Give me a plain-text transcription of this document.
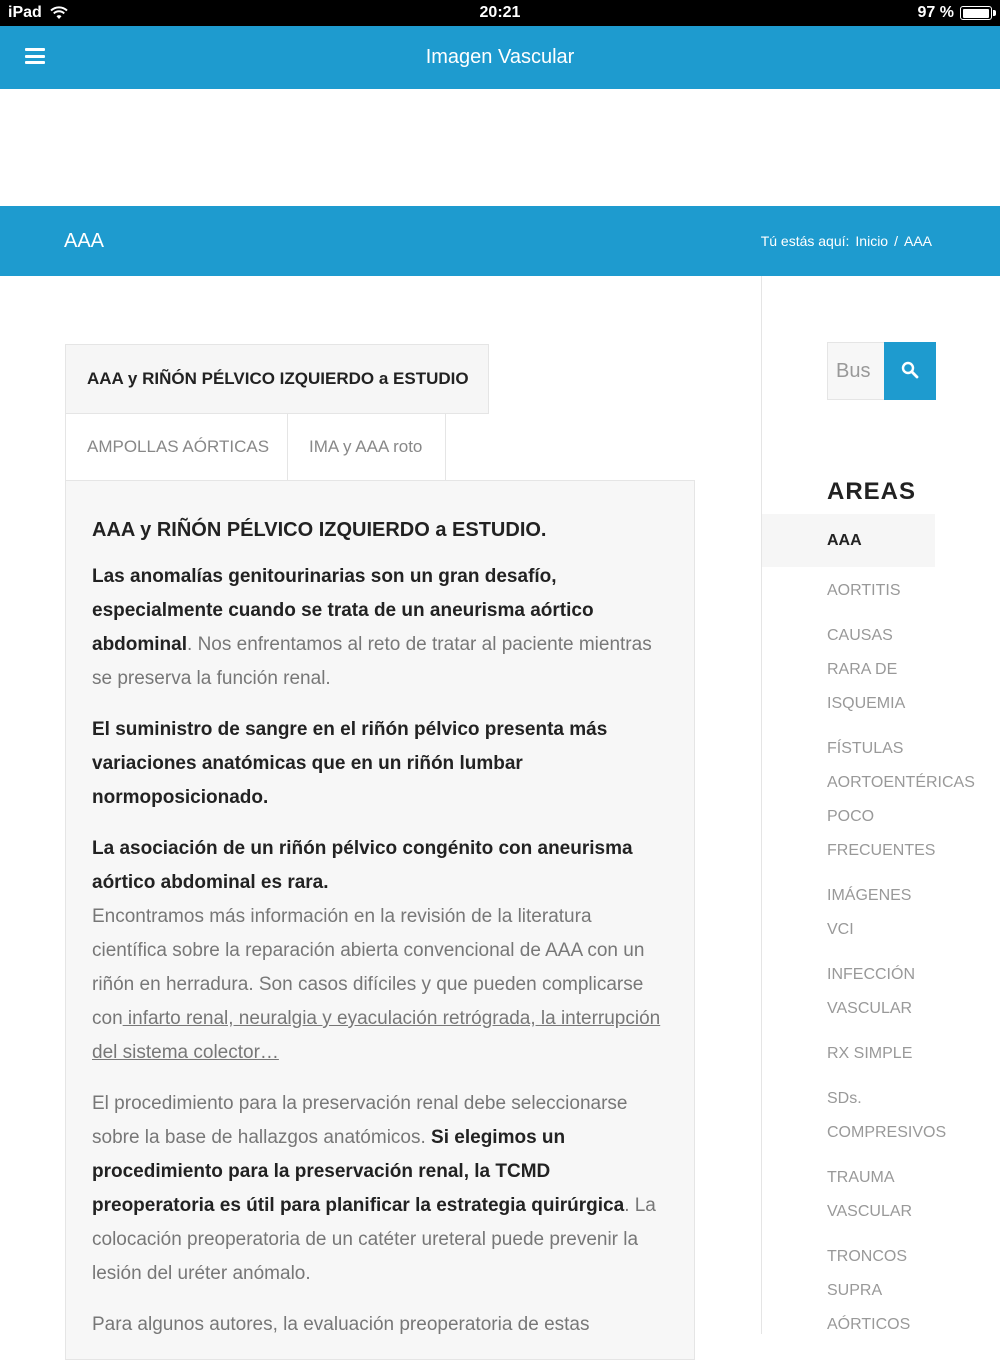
iPad	20:21	97 %
Imagen Vascular
AAA	Tú estás aquí: Inicio / AAA
AAA y RIÑÓN PÉLVICO IZQUIERDO a ESTUDIO
AMPOLLAS AÓRTICAS	IMA y AAA roto
AAA y RIÑÓN PÉLVICO IZQUIERDO a ESTUDIO.

Las anomalías genitourinarias son un gran desafío, especialmente cuando se trata de un aneurisma aórtico abdominal. Nos enfrentamos al reto de tratar al paciente mientras se preserva la función renal.

El suministro de sangre en el riñón pélvico presenta más variaciones anatómicas que en un riñón lumbar normoposicionado.

La asociación de un riñón pélvico congénito con aneurisma aórtico abdominal es rara.

Encontramos más información en la revisión de la literatura científica sobre la reparación abierta convencional de AAA con un riñón en herradura. Son casos difíciles y que pueden complicarse con infarto renal, neuralgia y eyaculación retrógrada, la interrupción del sistema colector…

El procedimiento para la preservación renal debe seleccionarse sobre la base de hallazgos anatómicos. Si elegimos un procedimiento para la preservación renal, la TCMD preoperatoria es útil para planificar la estrategia quirúrgica. La colocación preoperatoria de un catéter ureteral puede prevenir la lesión del uréter anómalo.

Para algunos autores, la evaluación preoperatoria de estas

Bus
AREAS
AAA
AORTITIS
CAUSAS
RARA DE
ISQUEMIA
FÍSTULAS
AORTOENTÉRICAS
POCO
FRECUENTES
IMÁGENES
VCI
INFECCIÓN
VASCULAR
RX SIMPLE
SDs.
COMPRESIVOS
TRAUMA
VASCULAR
TRONCOS
SUPRA
AÓRTICOS
